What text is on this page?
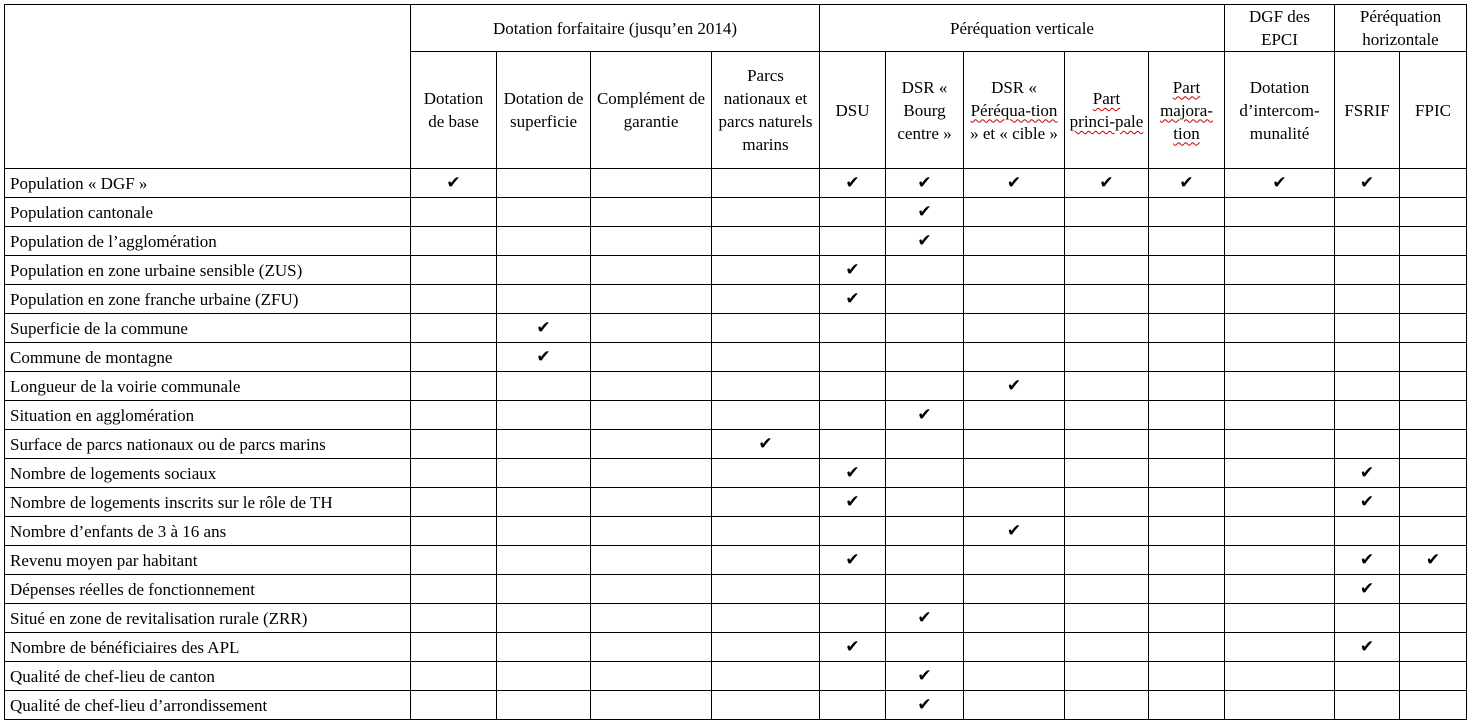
	Dotation forfaitaire (jusqu’en 2014)				Péréquation verticale					DGF des EPCI	Péréquation horizontale	
	Dotation de base	Dotation de superficie	Complément de garantie	Parcs nationaux et parcs naturels marins	DSU	DSR « Bourg centre »	DSR « Péréqua-tion » et « cible »	Part princi-pale	Part majora-tion	Dotation d’intercom-munalité	FSRIF	FPIC
Population « DGF »	✔				✔	✔	✔	✔	✔	✔	✔	
Population cantonale						✔						
Population de l’agglomération						✔						
Population en zone urbaine sensible (ZUS)					✔							
Population en zone franche urbaine (ZFU)					✔							
Superficie de la commune		✔										
Commune de montagne		✔										
Longueur de la voirie communale							✔					
Situation en agglomération						✔						
Surface de parcs nationaux ou de parcs marins				✔								
Nombre de logements sociaux					✔						✔	
Nombre de logements inscrits sur le rôle de TH					✔						✔	
Nombre d’enfants de 3 à 16 ans							✔					
Revenu moyen par habitant					✔						✔	✔
Dépenses réelles de fonctionnement											✔	
Situé en zone de revitalisation rurale (ZRR)						✔						
Nombre de bénéficiaires des APL					✔						✔	
Qualité de chef-lieu de canton						✔						
Qualité de chef-lieu d’arrondissement						✔						
